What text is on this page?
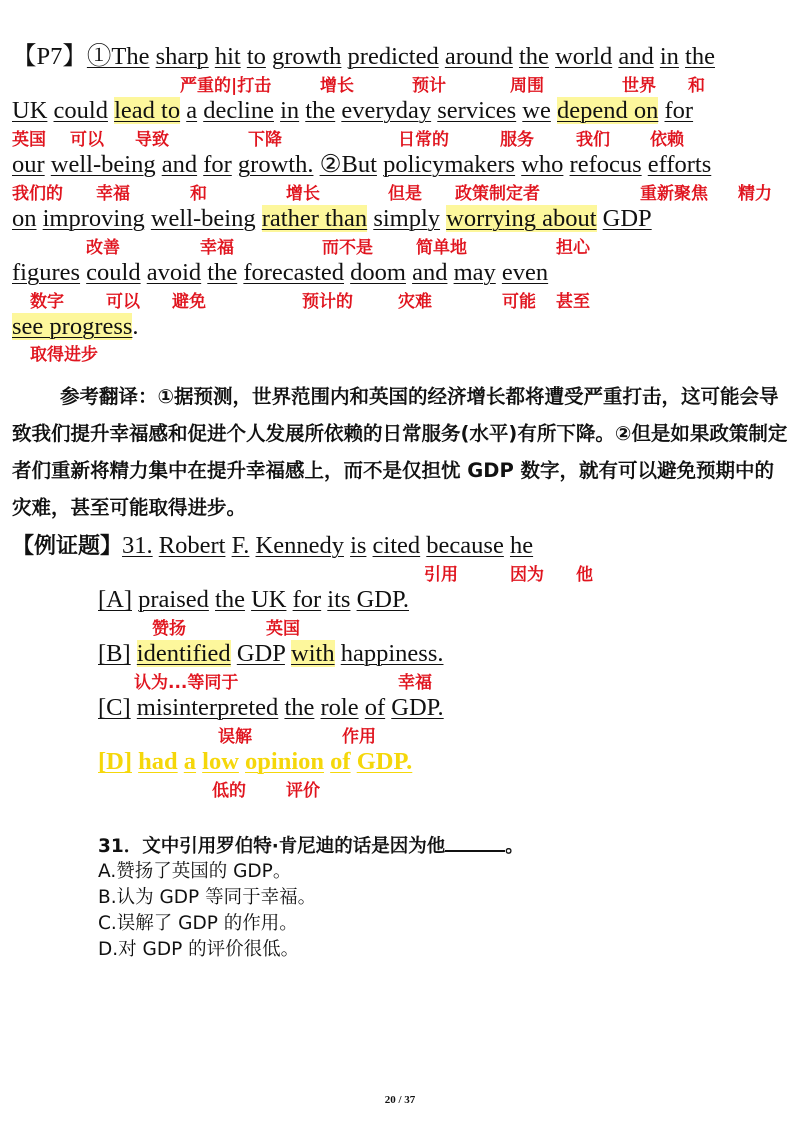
【P7】①The sharp hit to growth predicted around the world and in the
严重的|打击	增长	预计	周围	世界 和
UK could lead to a decline in the everyday services we depend on for
英国 可以 导致	下降	日常的	服务 我们 依赖
our well-being and for growth. ②But policymakers who refocus efforts
我们的 幸福	和	增长	但是 政策制定者	重新聚焦 精力
on improving well-being rather than simply worrying about GDP
改善	幸福	而不是	简单地	担心
figures could avoid the forecasted doom and may even
数字 可以 避免	预计的	灾难	可能 甚至
see progress.
取得进步
参考翻译：①据预测，世界范围内和英国的经济增长都将遭受严重打击，这可能会导致我们提升幸福感和促进个人发展所依赖的日常服务(水平)有所下降。②但是如果政策制定者们重新将精力集中在提升幸福感上，而不是仅担忧 GDP 数字，就有可以避免预期中的灾难，甚至可能取得进步。
【例证题】31. Robert F. Kennedy is cited because he
引用	因为 他
[A] praised the UK for its GDP.
赞扬	英国
[B] identified GDP with happiness.
认为...等同于	幸福
[C] misinterpreted the role of GDP.
误解	作用
[D] had a low opinion of GDP.
低的 评价
31．文中引用罗伯特·肯尼迪的话是因为他	。
A.赞扬了英国的 GDP。
B.认为 GDP 等同于幸福。
C.误解了 GDP 的作用。
D.对 GDP 的评价很低。
20 / 37
